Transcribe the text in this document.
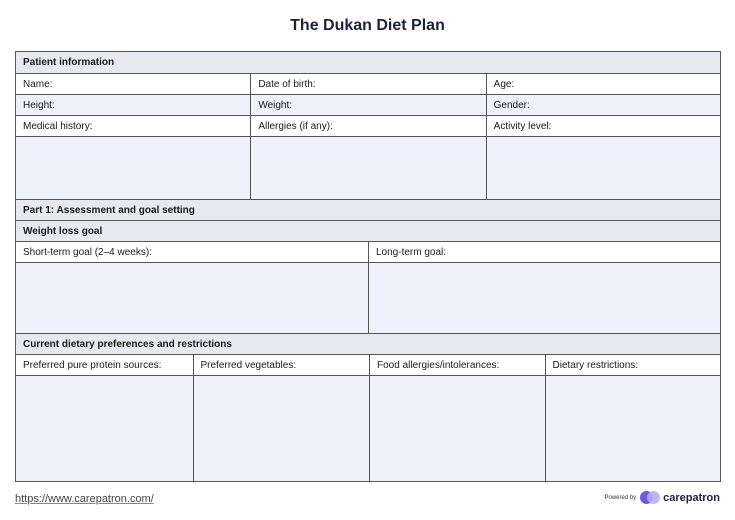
The Dukan Diet Plan
Patient information
Name:	Date of birth:	Age:
Height:	Weight:	Gender:
Medical history:	Allergies (if any):	Activity level:
Part 1: Assessment and goal setting
Weight loss goal
Short-term goal (2–4 weeks):	Long-term goal:
Current dietary preferences and restrictions
Preferred pure protein sources:	Preferred vegetables:	Food allergies/intolerances:	Dietary restrictions:
https://www.carepatron.com/	Powered by carepatron
